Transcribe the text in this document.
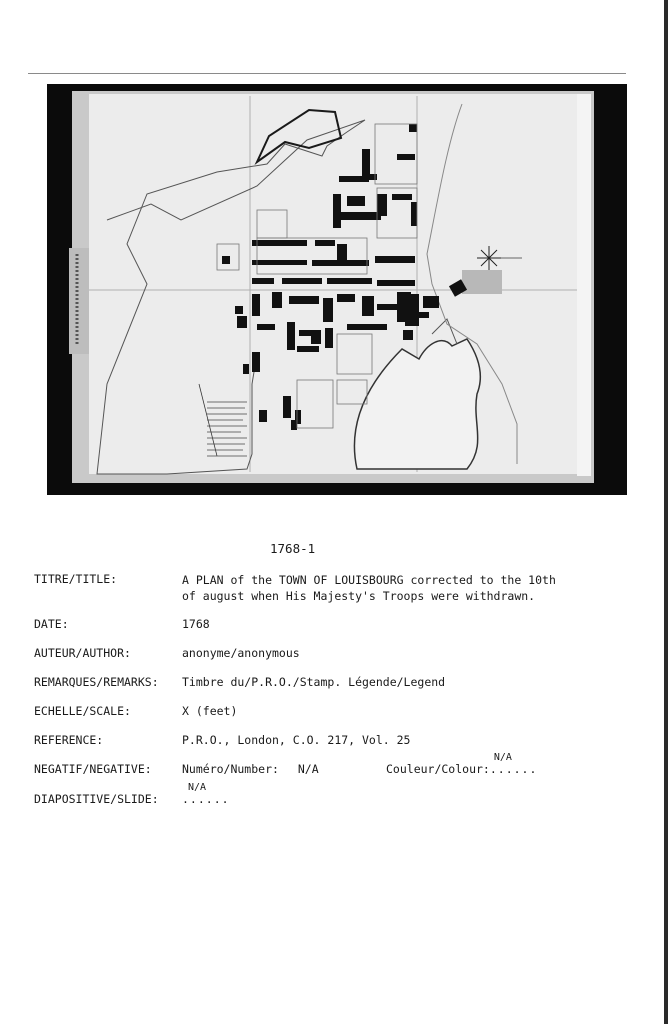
1768-1
TITRE/TITLE:	A PLAN of the TOWN OF LOUISBOURG corrected to the 10th
of august when His Majesty's Troops were withdrawn.
DATE:	1768
AUTEUR/AUTHOR:	anonyme/anonymous
REMARQUES/REMARKS: Timbre du/P.R.O./Stamp. Légende/Legend
ECHELLE/SCALE:	X (feet)
REFERENCE:	P.R.O., London, C.O. 217, Vol. 25
NEGATIF/NEGATIVE:	Numéro/Number: N/A	Couleur/Colour:
N/A
......
DIAPOSITIVE/SLIDE:
N/A
......
